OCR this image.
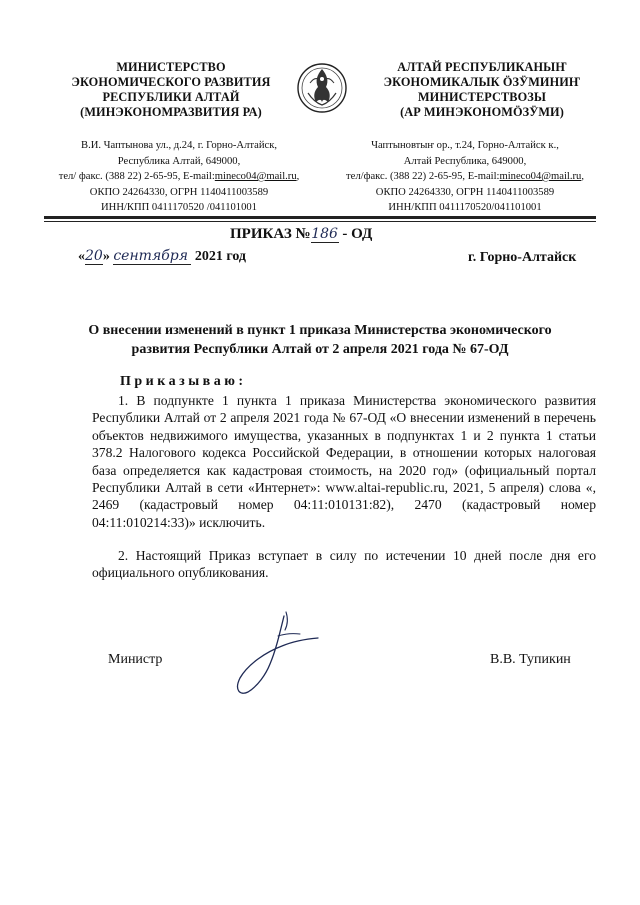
МИНИСТЕРСТВО
ЭКОНОМИЧЕСКОГО РАЗВИТИЯ
РЕСПУБЛИКИ АЛТАЙ
(МИНЭКОНОМРАЗВИТИЯ РА)
В.И. Чаптынова ул., д.24, г. Горно-Алтайск,
Республика Алтай, 649000,
тел/ факс. (388 22) 2-65-95, E-mail:mineco04@mail.ru,
ОКПО 24264330, ОГРН 1140411003589
ИНН/КПП 0411170520 /041101001
АЛТАЙ РЕСПУБЛИКАНЫҤ
ЭКОНОМИКАЛЫК ÖЗӰМИНИҤ
МИНИСТЕРСТВОЗЫ
(АР МИНЭКОНОМÖЗӰМИ)
Чаптыновтыҥ ор., т.24, Горно-Алтайск к.,
Алтай Республика, 649000,
тел/факс. (388 22) 2-65-95, E-mail:mineco04@mail.ru,
ОКПО 24264330, ОГРН 1140411003589
ИНН/КПП 0411170520/041101001
ПРИКАЗ №186 - ОД
«20» сентября 2021 год	г. Горно-Алтайск
О внесении изменений в пункт 1 приказа Министерства экономического
развития Республики Алтай от 2 апреля 2021 года № 67-ОД
Приказываю:
1. В подпункте 1 пункта 1 приказа Министерства экономического развития Республики Алтай от 2 апреля 2021 года № 67-ОД «О внесении изменений в перечень объектов недвижимого имущества, указанных в подпунктах 1 и 2 пункта 1 статьи 378.2 Налогового кодекса Российской Федерации, в отношении которых налоговая база определяется как кадастровая стоимость, на 2020 год» (официальный портал Республики Алтай в сети «Интернет»: www.altai-republic.ru, 2021, 5 апреля) слова «, 2469 (кадастровый номер 04:11:010131:82), 2470 (кадастровый номер 04:11:010214:33)» исключить.
2. Настоящий Приказ вступает в силу по истечении 10 дней после дня его официального опубликования.
Министр	В.В. Тупикин
